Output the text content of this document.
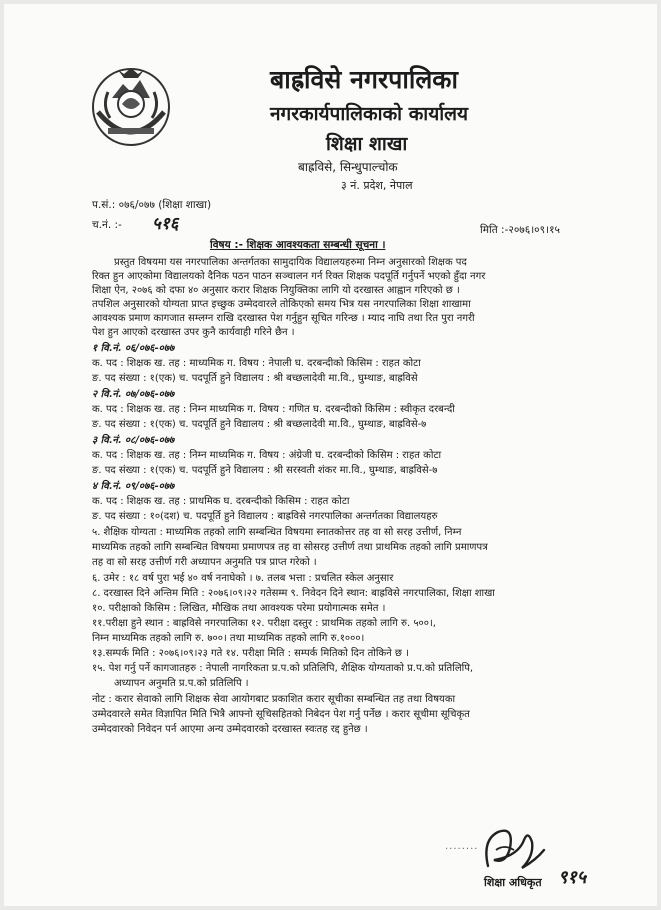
बाह्रविसे नगरपालिका
नगरकार्यपालिकाको कार्यालय
शिक्षा शाखा
बाह्रविसे, सिन्धुपाल्चोक
३ नं. प्रदेश, नेपाल
प.सं.: ०७६/०७७ (शिक्षा शाखा)
च.नं. :- ५१६	मिति :-२०७६।०९।१५
विषय :- शिक्षक आवश्यकता सम्बन्धी सूचना ।
प्रस्तुत विषयमा यस नगरपालिका अन्तर्गतका सामुदायिक विद्यालयहरुमा निम्न अनुसारको शिक्षक पद
रिक्त हुन आएकोमा विद्यालयको दैनिक पठन पाठन सञ्चालन गर्न रिक्त शिक्षक पदपूर्ति गर्नुपर्ने भएको हुँदा नगर
शिक्षा ऐन, २०७६ को दफा ४० अनुसार करार शिक्षक नियुक्तिका लागि यो दरखास्त आह्वान गरिएको छ ।
तपशिल अनुसारको योग्यता प्राप्त इच्छुक उम्मेदवारले तोकिएको समय भित्र यस नगरपालिका शिक्षा शाखामा
आवश्यक प्रमाण कागजात सम्लग्न राखि दरखास्त पेश गर्नुहुन सूचित गरिन्छ । म्याद नाघि तथा रित पुरा नगरी
पेश हुन आएको दरखास्त उपर कुनै कार्यवाही गरिने छैन ।
१ वि.नं. ०६/०७६-०७७
क. पद : शिक्षक ख. तह : माध्यमिक ग. विषय : नेपाली घ. दरबन्दीको किसिम : राहत कोटा
ङ. पद संख्या : १(एक) च. पदपूर्ति हुने विद्यालय : श्री बच्छलादेवी मा.वि., घुम्थाङ, बाह्रविसे
२ वि.नं. ०७/०७६-०७७
क. पद : शिक्षक ख. तह : निम्न माध्यमिक ग. विषय : गणित घ. दरबन्दीको किसिम : स्वीकृत दरबन्दी
ङ. पद संख्या : १(एक) च. पदपूर्ति हुने विद्यालय : श्री बच्छलादेवी मा.वि., घुम्थाङ, बाह्रविसे-७
३ वि.नं. ०८/०७६-०७७
क. पद : शिक्षक ख. तह : निम्न माध्यमिक ग. विषय : अंग्रेजी घ. दरबन्दीको किसिम : राहत कोटा
ङ. पद संख्या : १(एक) च. पदपूर्ति हुने विद्यालय : श्री सरस्वती शंकर मा.वि., घुम्थाङ, बाह्रविसे-७
४ वि.नं. ०९/०७६-०७७
क. पद : शिक्षक ख. तह : प्राथमिक घ. दरबन्दीको किसिम : राहत कोटा
ङ. पद संख्या : १०(दश) च. पदपूर्ति हुने विद्यालय : बाह्रविसे नगरपालिका अन्तर्गतका विद्यालयहरु
५. शैक्षिक योग्यता : माध्यमिक तहको लागि सम्बन्धित विषयमा स्नातकोत्तर तह वा सो सरह उत्तीर्ण, निम्न
माध्यमिक तहको लागि सम्बन्धित विषयमा प्रमाणपत्र तह वा सोसरह उत्तीर्ण तथा प्राथमिक तहको लागि प्रमाणपत्र
तह वा सो सरह उत्तीर्ण गरी अध्यापन अनुमति पत्र प्राप्त गरेको ।
६. उमेर : १८ वर्ष पुरा भई ४० वर्ष ननाघेको । ७. तलब भत्ता : प्रचलित स्केल अनुसार
८. दरखास्त दिने अन्तिम मिति : २०७६।०९।२२ गतेसम्म ९. निवेदन दिने स्थान: बाह्रविसे नगरपालिका, शिक्षा शाखा
१०. परीक्षाको किसिम : लिखित, मौखिक तथा आवश्यक परेमा प्रयोगात्मक समेत ।
११.परीक्षा हुने स्थान : बाह्रविसे नगरपालिका १२. परीक्षा दस्तुर : प्राथमिक तहको लागि रु. ५००।,
निम्न माध्यमिक तहको लागि रु. ७००। तथा माध्यमिक तहको लागि रु.१०००।
१३.सम्पर्क मिति : २०७६।०९।२३ गते १४. परीक्षा मिति : सम्पर्क मितिको दिन तोकिने छ ।
१५. पेश गर्नु पर्ने कागजातहरु : नेपाली नागरिकता प्र.प.को प्रतिलिपि, शैक्षिक योग्यताको प्र.प.को प्रतिलिपि,
अध्यापन अनुमति प्र.प.को प्रतिलिपि ।
नोट : करार सेवाको लागि शिक्षक सेवा आयोगबाट प्रकाशित करार सूचीका सम्बन्धित तह तथा विषयका
उम्मेदवारले समेत विज्ञापित मिति भित्रै आफ्नो सूचिसहितको निबेदन पेश गर्नु पर्नेछ । करार सूचीमा सूचिकृत
उम्मेदवारको निवेदन पर्न आएमा अन्य उम्मेदवारको दरखास्त स्वःतह रद्द हुनेछ ।
........
शिक्षा अधिकृत ९१५
